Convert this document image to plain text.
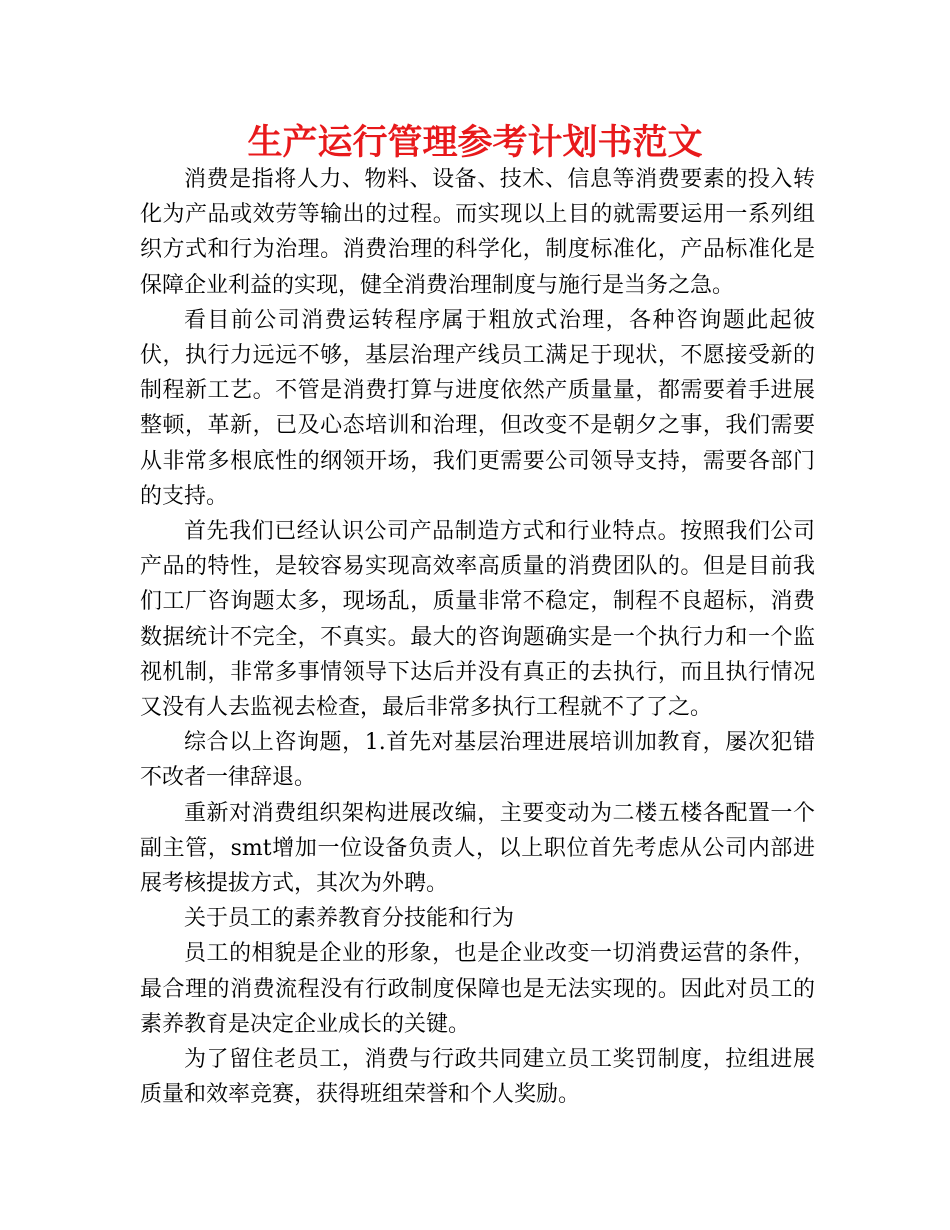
生产运行管理参考计划书范文

消费是指将人力、物料、设备、技术、信息等消费要素的投入转化为产品或效劳等输出的过程。而实现以上目的就需要运用一系列组织方式和行为治理。消费治理的科学化，制度标准化，产品标准化是保障企业利益的实现，健全消费治理制度与施行是当务之急。

看目前公司消费运转程序属于粗放式治理，各种咨询题此起彼伏，执行力远远不够，基层治理产线员工满足于现状，不愿接受新的制程新工艺。不管是消费打算与进度依然产质量量，都需要着手进展整顿，革新，已及心态培训和治理，但改变不是朝夕之事，我们需要从非常多根底性的纲领开场，我们更需要公司领导支持，需要各部门的支持。

首先我们已经认识公司产品制造方式和行业特点。按照我们公司产品的特性，是较容易实现高效率高质量的消费团队的。但是目前我们工厂咨询题太多，现场乱，质量非常不稳定，制程不良超标，消费数据统计不完全，不真实。最大的咨询题确实是一个执行力和一个监视机制，非常多事情领导下达后并没有真正的去执行，而且执行情况又没有人去监视去检查，最后非常多执行工程就不了了之。

综合以上咨询题，1.首先对基层治理进展培训加教育，屡次犯错不改者一律辞退。

重新对消费组织架构进展改编，主要变动为二楼五楼各配置一个副主管，smt增加一位设备负责人，以上职位首先考虑从公司内部进展考核提拔方式，其次为外聘。

关于员工的素养教育分技能和行为

员工的相貌是企业的形象，也是企业改变一切消费运营的条件，最合理的消费流程没有行政制度保障也是无法实现的。因此对员工的素养教育是决定企业成长的关键。

为了留住老员工，消费与行政共同建立员工奖罚制度，拉组进展质量和效率竞赛，获得班组荣誉和个人奖励。
